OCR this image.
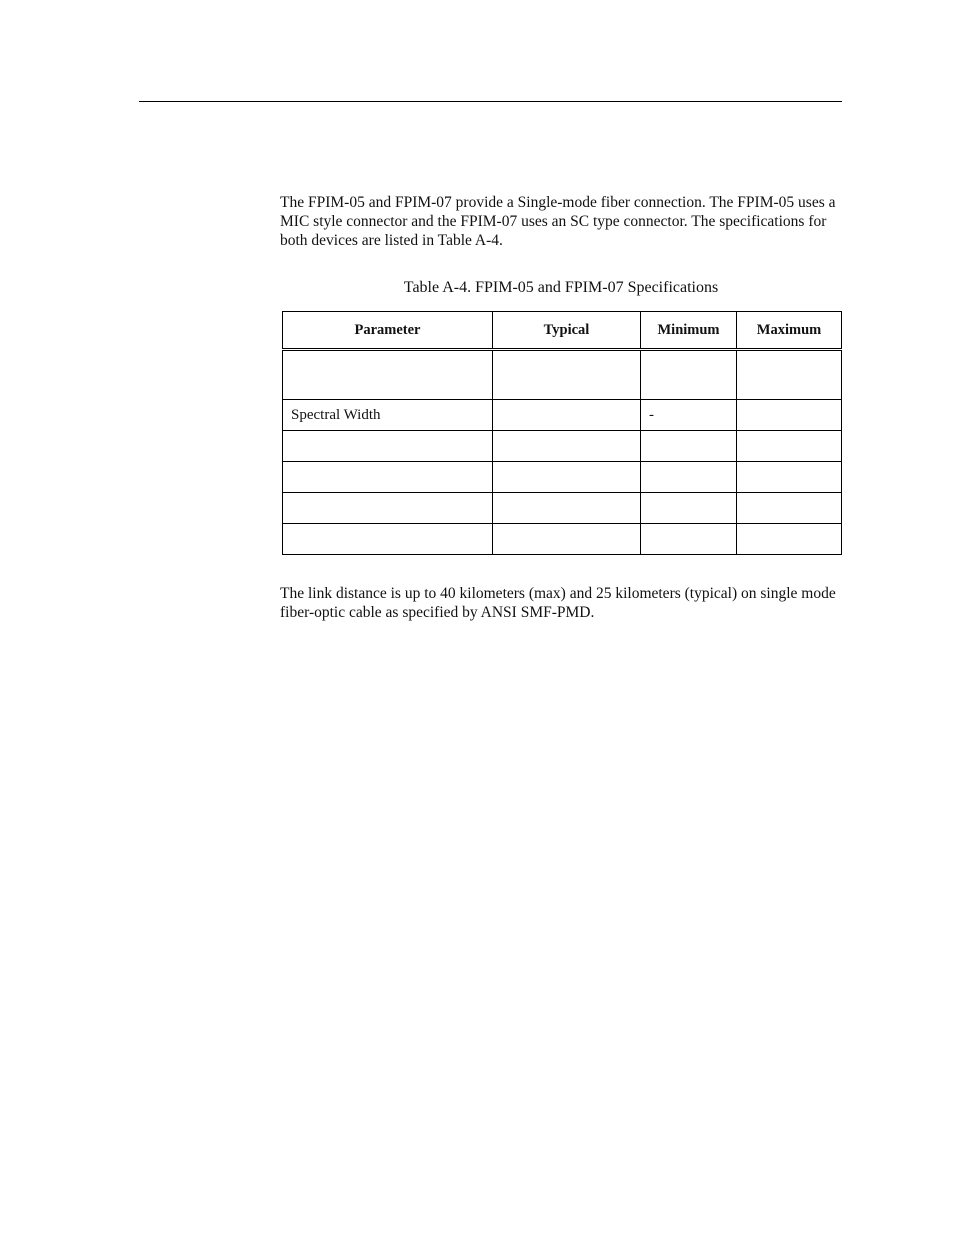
The FPIM-05 and FPIM-07 provide a Single-mode fiber connection. The FPIM-05 uses a MIC style connector and the FPIM-07 uses an SC type connector. The specifications for both devices are listed in Table A-4.

Table A-4. FPIM-05 and FPIM-07 Specifications

Parameter	Typical	Minimum	Maximum

Spectral Width		-	

The link distance is up to 40 kilometers (max) and 25 kilometers (typical) on single mode fiber-optic cable as specified by ANSI SMF-PMD.
